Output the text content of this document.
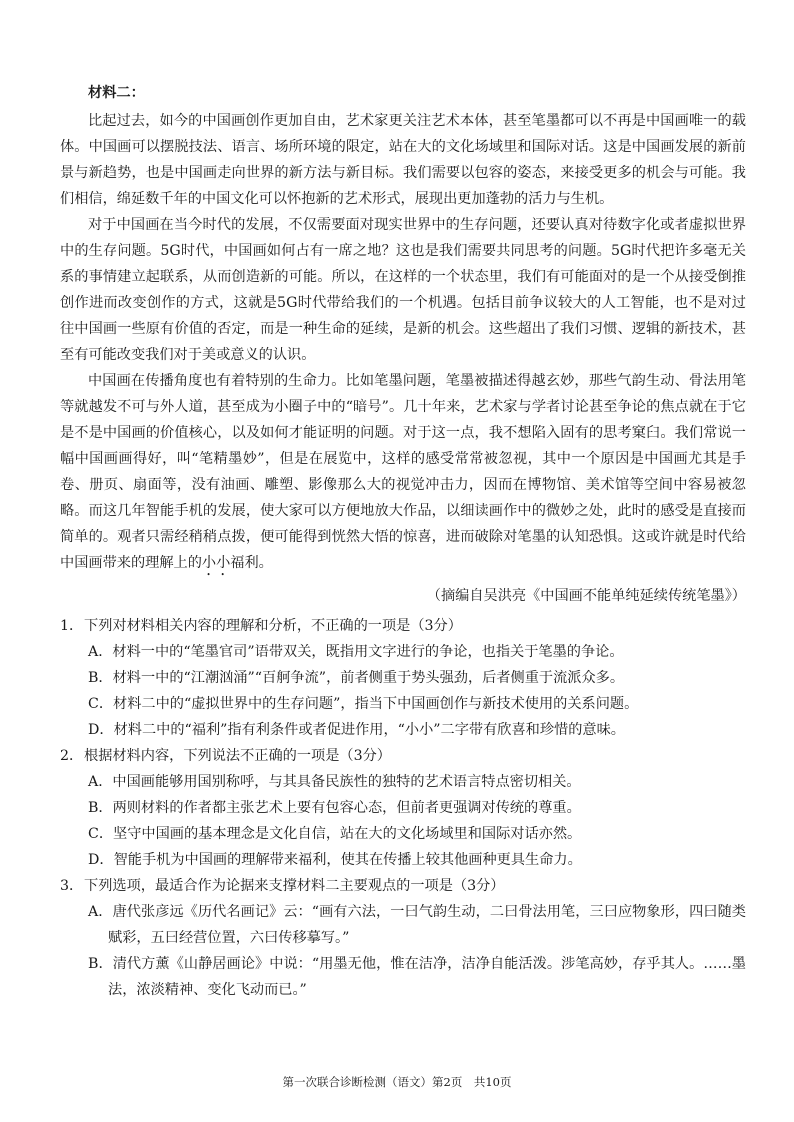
材料二：

比起过去，如今的中国画创作更加自由，艺术家更关注艺术本体，甚至笔墨都可以不再是中国画唯一的载体。中国画可以摆脱技法、语言、场所环境的限定，站在大的文化场域里和国际对话。这是中国画发展的新前景与新趋势，也是中国画走向世界的新方法与新目标。我们需要以包容的姿态，来接受更多的机会与可能。我们相信，绵延数千年的中国文化可以怀抱新的艺术形式，展现出更加蓬勃的活力与生机。

对于中国画在当今时代的发展，不仅需要面对现实世界中的生存问题，还要认真对待数字化或者虚拟世界中的生存问题。5G时代，中国画如何占有一席之地？这也是我们需要共同思考的问题。5G时代把许多毫无关系的事情建立起联系，从而创造新的可能。所以，在这样的一个状态里，我们有可能面对的是一个从接受倒推创作进而改变创作的方式，这就是5G时代带给我们的一个机遇。包括目前争议较大的人工智能，也不是对过往中国画一些原有价值的否定，而是一种生命的延续，是新的机会。这些超出了我们习惯、逻辑的新技术，甚至有可能改变我们对于美或意义的认识。

中国画在传播角度也有着特别的生命力。比如笔墨问题，笔墨被描述得越玄妙，那些气韵生动、骨法用笔等就越发不可与外人道，甚至成为小圈子中的“暗号”。几十年来，艺术家与学者讨论甚至争论的焦点就在于它是不是中国画的价值核心，以及如何才能证明的问题。对于这一点，我不想陷入固有的思考窠臼。我们常说一幅中国画画得好，叫“笔精墨妙”，但是在展览中，这样的感受常常被忽视，其中一个原因是中国画尤其是手卷、册页、扇面等，没有油画、雕塑、影像那么大的视觉冲击力，因而在博物馆、美术馆等空间中容易被忽略。而这几年智能手机的发展，使大家可以方便地放大作品，以细读画作中的微妙之处，此时的感受是直接而简单的。观者只需经稍稍点拨，便可能得到恍然大悟的惊喜，进而破除对笔墨的认知恐惧。这或许就是时代给中国画带来的理解上的小小福利。

（摘编自吴洪亮《中国画不能单纯延续传统笔墨》）

1．下列对材料相关内容的理解和分析，不正确的一项是（3分）

A．材料一中的“笔墨官司”语带双关，既指用文字进行的争论，也指关于笔墨的争论。

B．材料一中的“江潮汹涌”“百舸争流”，前者侧重于势头强劲，后者侧重于流派众多。

C．材料二中的“虚拟世界中的生存问题”，指当下中国画创作与新技术使用的关系问题。

D．材料二中的“福利”指有利条件或者促进作用，“小小”二字带有欣喜和珍惜的意味。

2．根据材料内容，下列说法不正确的一项是（3分）

A．中国画能够用国别称呼，与其具备民族性的独特的艺术语言特点密切相关。

B．两则材料的作者都主张艺术上要有包容心态，但前者更强调对传统的尊重。

C．坚守中国画的基本理念是文化自信，站在大的文化场域里和国际对话亦然。

D．智能手机为中国画的理解带来福利，使其在传播上较其他画种更具生命力。

3．下列选项，最适合作为论据来支撑材料二主要观点的一项是（3分）

A．唐代张彦远《历代名画记》云：“画有六法，一曰气韵生动，二曰骨法用笔，三曰应物象形，四曰随类赋彩，五曰经营位置，六曰传移摹写。”

B．清代方薰《山静居画论》中说：“用墨无他，惟在洁净，洁净自能活泼。涉笔高妙，存乎其人。……墨法，浓淡精神、变化飞动而已。”

第一次联合诊断检测（语文）第2页　共10页
